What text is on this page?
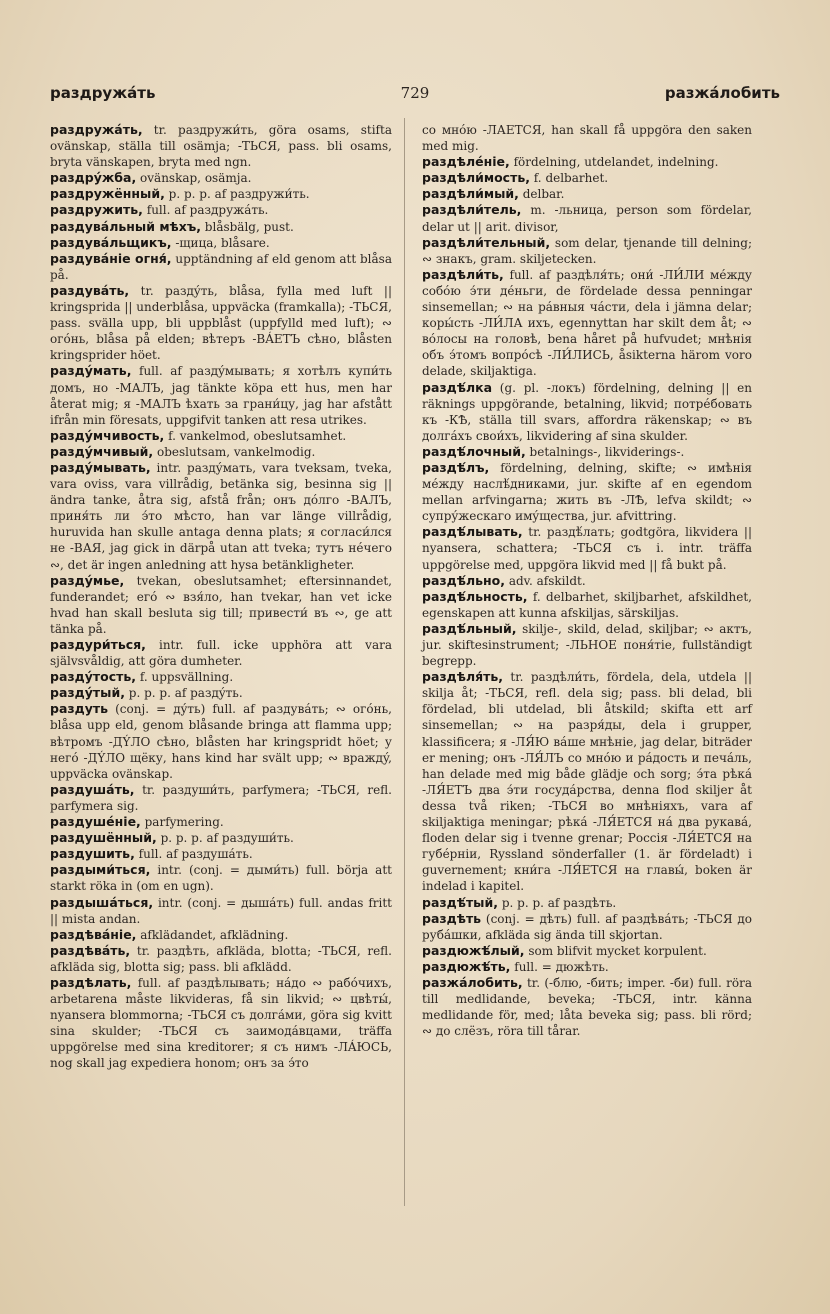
раздружáть	729	разжáлобить

раздружáть, tr. раздружи́ть, göra osams, stifta ovänskap, ställa till osämja; -ТЬСЯ, pass. bli osams, bryta vänskapen, bryta med ngn.

раздрýжба, ovänskap, osämja.

раздружённый, p. p. p. af раздружи́ть.

раздружить, full. af раздружáть.

раздувáльный мѣхъ, blåsbälg, pust.

раздувáльщикъ, -щица, blåsare.

раздувáніе огня́, upptändning af eld genom att blåsa på.

раздувáть, tr. раздýть, blåsa, fylla med luft || kringsprida || underblåsa, uppväcka (framkalla); -ТЬСЯ, pass. svälla upp, bli uppblåst (uppfylld med luft); ∾ огóнь, blåsa på elden; вѣтеръ -ВÁЕТЪ сѣно, blåsten kringsprider höet.

раздýмать, full. af раздýмывать; я хотѣлъ купи́ть домъ, но -МАЛЪ, jag tänkte köpa ett hus, men har återat mig; я -МАЛЪ ѣхать за грани́цу, jag har afstått ifrån min föresats, uppgifvit tanken att resa utrikes.

раздýмчивость, f. vankelmod, obeslutsamhet.

раздýмчивый, obeslutsam, vankelmodig.

раздýмывать, intr. раздýмать, vara tveksam, tveka, vara oviss, vara villrådig, betänka sig, besinna sig || ändra tanke, åtra sig, afstå från; онъ дóлго -ВАЛЪ, приня́ть ли э́то мѣсто, han var länge villrådig, huruvida han skulle antaga denna plats; я согласи́лся не -ВАЯ, jag gick in därpå utan att tveka; тутъ нéчего ∾, det är ingen anledning att hysa betänkligheter.

раздýмье, tvekan, obeslutsamhet; eftersinnandet, funderandet; егó ∾ взя́ло, han tvekar, han vet icke hvad han skall besluta sig till; привести́ въ ∾, ge att tänka på.

раздури́ться, intr. full. icke upphöra att vara självsvåldig, att göra dumheter.

раздýтость, f. uppsvällning.

раздýтый, p. p. p. af раздýть.

раздуть (conj. = дýть) full. af раздувáть; ∾ огóнь, blåsa upp eld, genom blåsande bringa att flamma upp; вѣтромъ -ДÝЛО сѣно, blåsten har kringspridt höet; у негó -ДÝЛО щёку, hans kind har svält upp; ∾ враждý, uppväcka ovänskap.

раздушáть, tr. раздуши́ть, parfymera; -ТЬСЯ, refl. parfymera sig.

раздушéніе, parfymering.

раздушённый, p. p. p. af раздуши́ть.

раздушить, full. af раздушáть.

раздыми́ться, intr. (conj. = дыми́ть) full. börja att starkt röka in (om en ugn).

раздышáться, intr. (conj. = дышáть) full. andas fritt || mista andan.

раздѣвáніе, afklädandet, afklädning.

раздѣвáть, tr. раздѣть, afkläda, blotta; -ТЬСЯ, refl. afkläda sig, blotta sig; pass. bli afklädd.

раздѣлать, full. af раздѣлывать; нáдо ∾ рабóчихъ, arbetarena måste likvideras, få sin likvid; ∾ цвѣты́, nyansera blommorna; -ТЬСЯ съ долгáми, göra sig kvitt sina skulder; -ТЬСЯ съ заимодáвцами, träffa uppgörelse med sina kreditorer; я съ нимъ -ЛÁЮСЬ, nog skall jag expediera honom; онъ за э́то

со мнóю -ЛАЕТСЯ, han skall få uppgöra den saken med mig.

раздѣлéніе, fördelning, utdelandet, indelning.

раздѣли́мость, f. delbarhet.

раздѣли́мый, delbar.

раздѣли́тель, m. -льница, person som fördelar, delar ut || arit. divisor,

раздѣли́тельный, som delar, tjenande till delning; ∾ знакъ, gram. skiljetecken.

раздѣли́ть, full. af раздѣля́ть; они́ -ЛИ́ЛИ мéжду собóю э́ти дéньги, de fördelade dessa penningar sinsemellan; ∾ на рáвныя чáсти, dela i jämna delar; коры́сть -ЛИ́ЛА ихъ, egennyttan har skilt dem åt; ∾ вóлосы на головѣ, bena håret på hufvudet; мнѣнія объ э́томъ вопрóсѣ -ЛИ́ЛИСЬ, åsikterna härom voro delade, skiljaktiga.

раздѣ́лка (g. pl. -локъ) fördelning, delning || en räknings uppgörande, betalning, likvid; потрéбовать къ -КѢ, ställa till svars, affordra räkenskap; ∾ въ долгáхъ свои́хъ, likvidering af sina skulder.

раздѣ́лочный, betalnings-, likviderings-.

раздѣ́лъ, fördelning, delning, skifte; ∾ имѣнія мéжду наслѣ́дниками, jur. skifte af en egendom mellan arfvingarna; жить въ -ЛѢ, lefva skildt; ∾ супрýжескаго имýщества, jur. afvittring.

раздѣ́лывать, tr. раздѣ́лать; godtgöra, likvidera || nyansera, schattera; -ТЬСЯ съ i. intr. träffa uppgörelse med, uppgöra likvid med || få bukt på.

раздѣ́льно, adv. afskildt.

раздѣ́льность, f. delbarhet, skiljbarhet, afskildhet, egenskapen att kunna afskiljas, särskiljas.

раздѣ́льный, skilje-, skild, delad, skiljbar; ∾ актъ, jur. skiftesinstrument; -ЛЬНОЕ поня́тіе, fullständigt begrepp.

раздѣля́ть, tr. раздѣли́ть, fördela, dela, utdela || skilja åt; -ТЬСЯ, refl. dela sig; pass. bli delad, bli fördelad, bli utdelad, bli åtskild; skifta ett arf sinsemellan; ∾ на разря́ды, dela i grupper, klassificera; я -ЛЯ́Ю вáше мнѣніе, jag delar, biträder er mening; онъ -ЛЯ́ЛЪ со мнóю и рáдость и печáль, han delade med mig både glädje och sorg; э́та рѣкá -ЛЯ́ЕТЪ два э́ти госудáрства, denna flod skiljer åt dessa två riken; -ТЬСЯ во мнѣніяхъ, vara af skiljaktiga meningar; рѣкá -ЛЯ́ЕТСЯ нá два рукавá, floden delar sig i tvenne grenar; Россія -ЛЯ́ЕТСЯ на губéрніи, Ryssland sönderfaller (1. är fördeladt) i guvernement; кни́га -ЛЯ́ЕТСЯ на главы́, boken är indelad i kapitel.

раздѣ́тый, p. p. p. af раздѣть.

раздѣть (conj. = дѣть) full. af раздѣвáть; -ТЬСЯ до рубáшки, afkläda sig ända till skjortan.

раздюжѣ́лый, som blifvit mycket korpulent.

раздюжѣ́ть, full. = дюжѣть.

разжáлобить, tr. (-блю, -бить; imper. -би) full. röra till medlidande, beveka; -ТЬСЯ, intr. känna medlidande för, med; låta beveka sig; pass. bli rörd; ∾ до слёзъ, röra till tårar.
